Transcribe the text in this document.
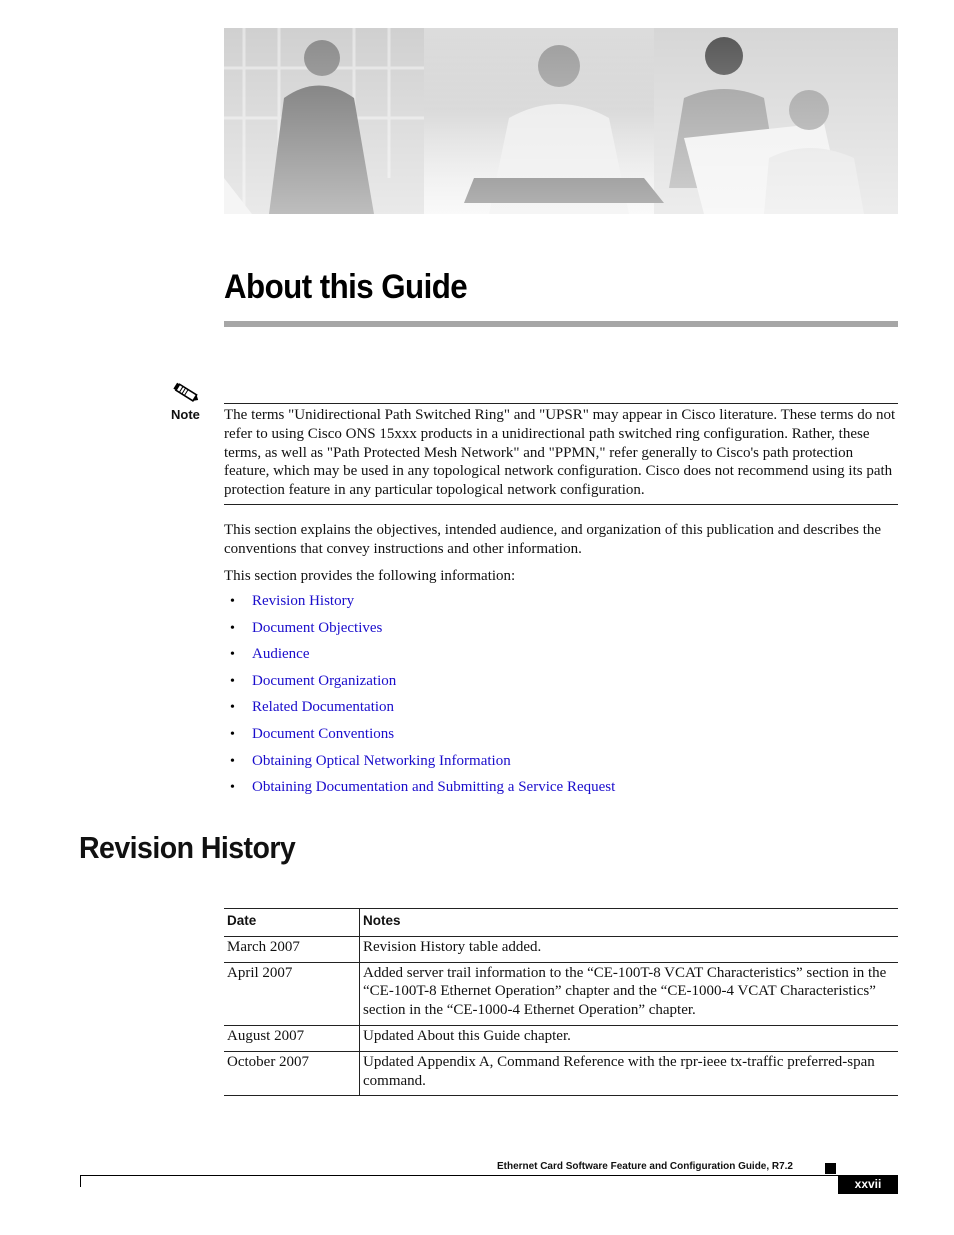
About this Guide
Note The terms "Unidirectional Path Switched Ring" and "UPSR" may appear in Cisco literature. These terms do not refer to using Cisco ONS 15xxx products in a unidirectional path switched ring configuration. Rather, these terms, as well as "Path Protected Mesh Network" and "PPMN," refer generally to Cisco's path protection feature, which may be used in any topological network configuration. Cisco does not recommend using its path protection feature in any particular topological network configuration.
This section explains the objectives, intended audience, and organization of this publication and describes the conventions that convey instructions and other information.
This section provides the following information:
• Revision History
• Document Objectives
• Audience
• Document Organization
• Related Documentation
• Document Conventions
• Obtaining Optical Networking Information
• Obtaining Documentation and Submitting a Service Request
Revision History
Date	Notes
March 2007	Revision History table added.
April 2007	Added server trail information to the “CE-100T-8 VCAT Characteristics” section in the “CE-100T-8 Ethernet Operation” chapter and the “CE-1000-4 VCAT Characteristics” section in the “CE-1000-4 Ethernet Operation” chapter.
August 2007	Updated About this Guide chapter.
October 2007	Updated Appendix A, Command Reference with the rpr-ieee tx-traffic preferred-span command.
Ethernet Card Software Feature and Configuration Guide, R7.2
xxvii
